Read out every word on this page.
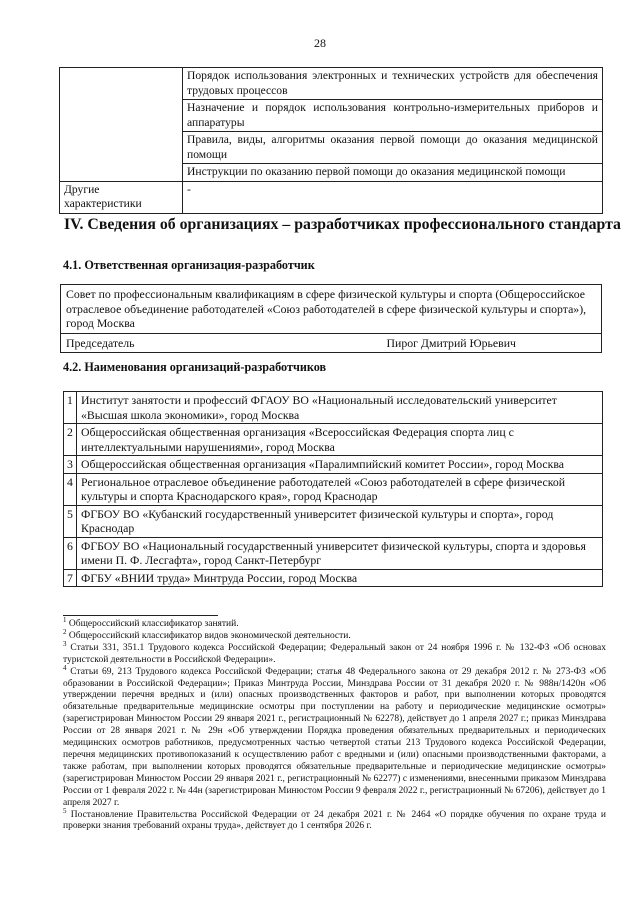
28
	Порядок использования электронных и технических устройств для обеспечения трудовых процессов
	Назначение и порядок использования контрольно-измерительных приборов и аппаратуры
	Правила, виды, алгоритмы оказания первой помощи до оказания медицинской помощи
	Инструкции по оказанию первой помощи до оказания медицинской помощи
Другие характеристики	-
IV. Сведения об организациях – разработчиках профессионального стандарта
4.1. Ответственная организация-разработчик
Совет по профессиональным квалификациям в сфере физической культуры и спорта (Общероссийское отраслевое объединение работодателей «Союз работодателей в сфере физической культуры и спорта»), город Москва

Председатель	Пирог Дмитрий Юрьевич
4.2. Наименования организаций-разработчиков
1	Институт занятости и профессий ФГАОУ ВО «Национальный исследовательский университет «Высшая школа экономики», город Москва
2	Общероссийская общественная организация «Всероссийская Федерация спорта лиц с интеллектуальными нарушениями», город Москва
3	Общероссийская общественная организация «Паралимпийский комитет России», город Москва
4	Региональное отраслевое объединение работодателей «Союз работодателей в сфере физической культуры и спорта Краснодарского края», город Краснодар
5	ФГБОУ ВО «Кубанский государственный университет физической культуры и спорта», город Краснодар
6	ФГБОУ ВО «Национальный государственный университет физической культуры, спорта и здоровья имени П. Ф. Лесгафта», город Санкт-Петербург
7	ФГБУ «ВНИИ труда» Минтруда России, город Москва

$^1$ Общероссийский классификатор занятий.

$^2$ Общероссийский классификатор видов экономической деятельности.

$^3$ Статьи 331, 351.1 Трудового кодекса Российской Федерации; Федеральный закон от 24 ноября 1996 г. № 132-ФЗ «Об основах туристской деятельности в Российской Федерации».

$^4$ Статьи 69, 213 Трудового кодекса Российской Федерации; статья 48 Федерального закона от 29 декабря 2012 г. № 273-ФЗ «Об образовании в Российской Федерации»; Приказ Минтруда России, Минздрава России от 31 декабря 2020 г. № 988н/1420н «Об утверждении перечня вредных и (или) опасных производственных факторов и работ, при выполнении которых проводятся обязательные предварительные медицинские осмотры при поступлении на работу и периодические медицинские осмотры» (зарегистрирован Минюстом России 29 января 2021 г., регистрационный № 62278), действует до 1 апреля 2027 г.; приказ Минздрава России от 28 января 2021 г. № 29н «Об утверждении Порядка проведения обязательных предварительных и периодических медицинских осмотров работников, предусмотренных частью четвертой статьи 213 Трудового кодекса Российской Федерации, перечня медицинских противопоказаний к осуществлению работ с вредными и (или) опасными производственными факторами, а также работам, при выполнении которых проводятся обязательные предварительные и периодические медицинские осмотры» (зарегистрирован Минюстом России 29 января 2021 г., регистрационный № 62277) с изменениями, внесенными приказом Минздрава России от 1 февраля 2022 г. № 44н (зарегистрирован Минюстом России 9 февраля 2022 г., регистрационный № 67206), действует до 1 апреля 2027 г.

$^5$ Постановление Правительства Российской Федерации от 24 декабря 2021 г. № 2464 «О порядке обучения по охране труда и проверки знания требований охраны труда», действует до 1 сентября 2026 г.
